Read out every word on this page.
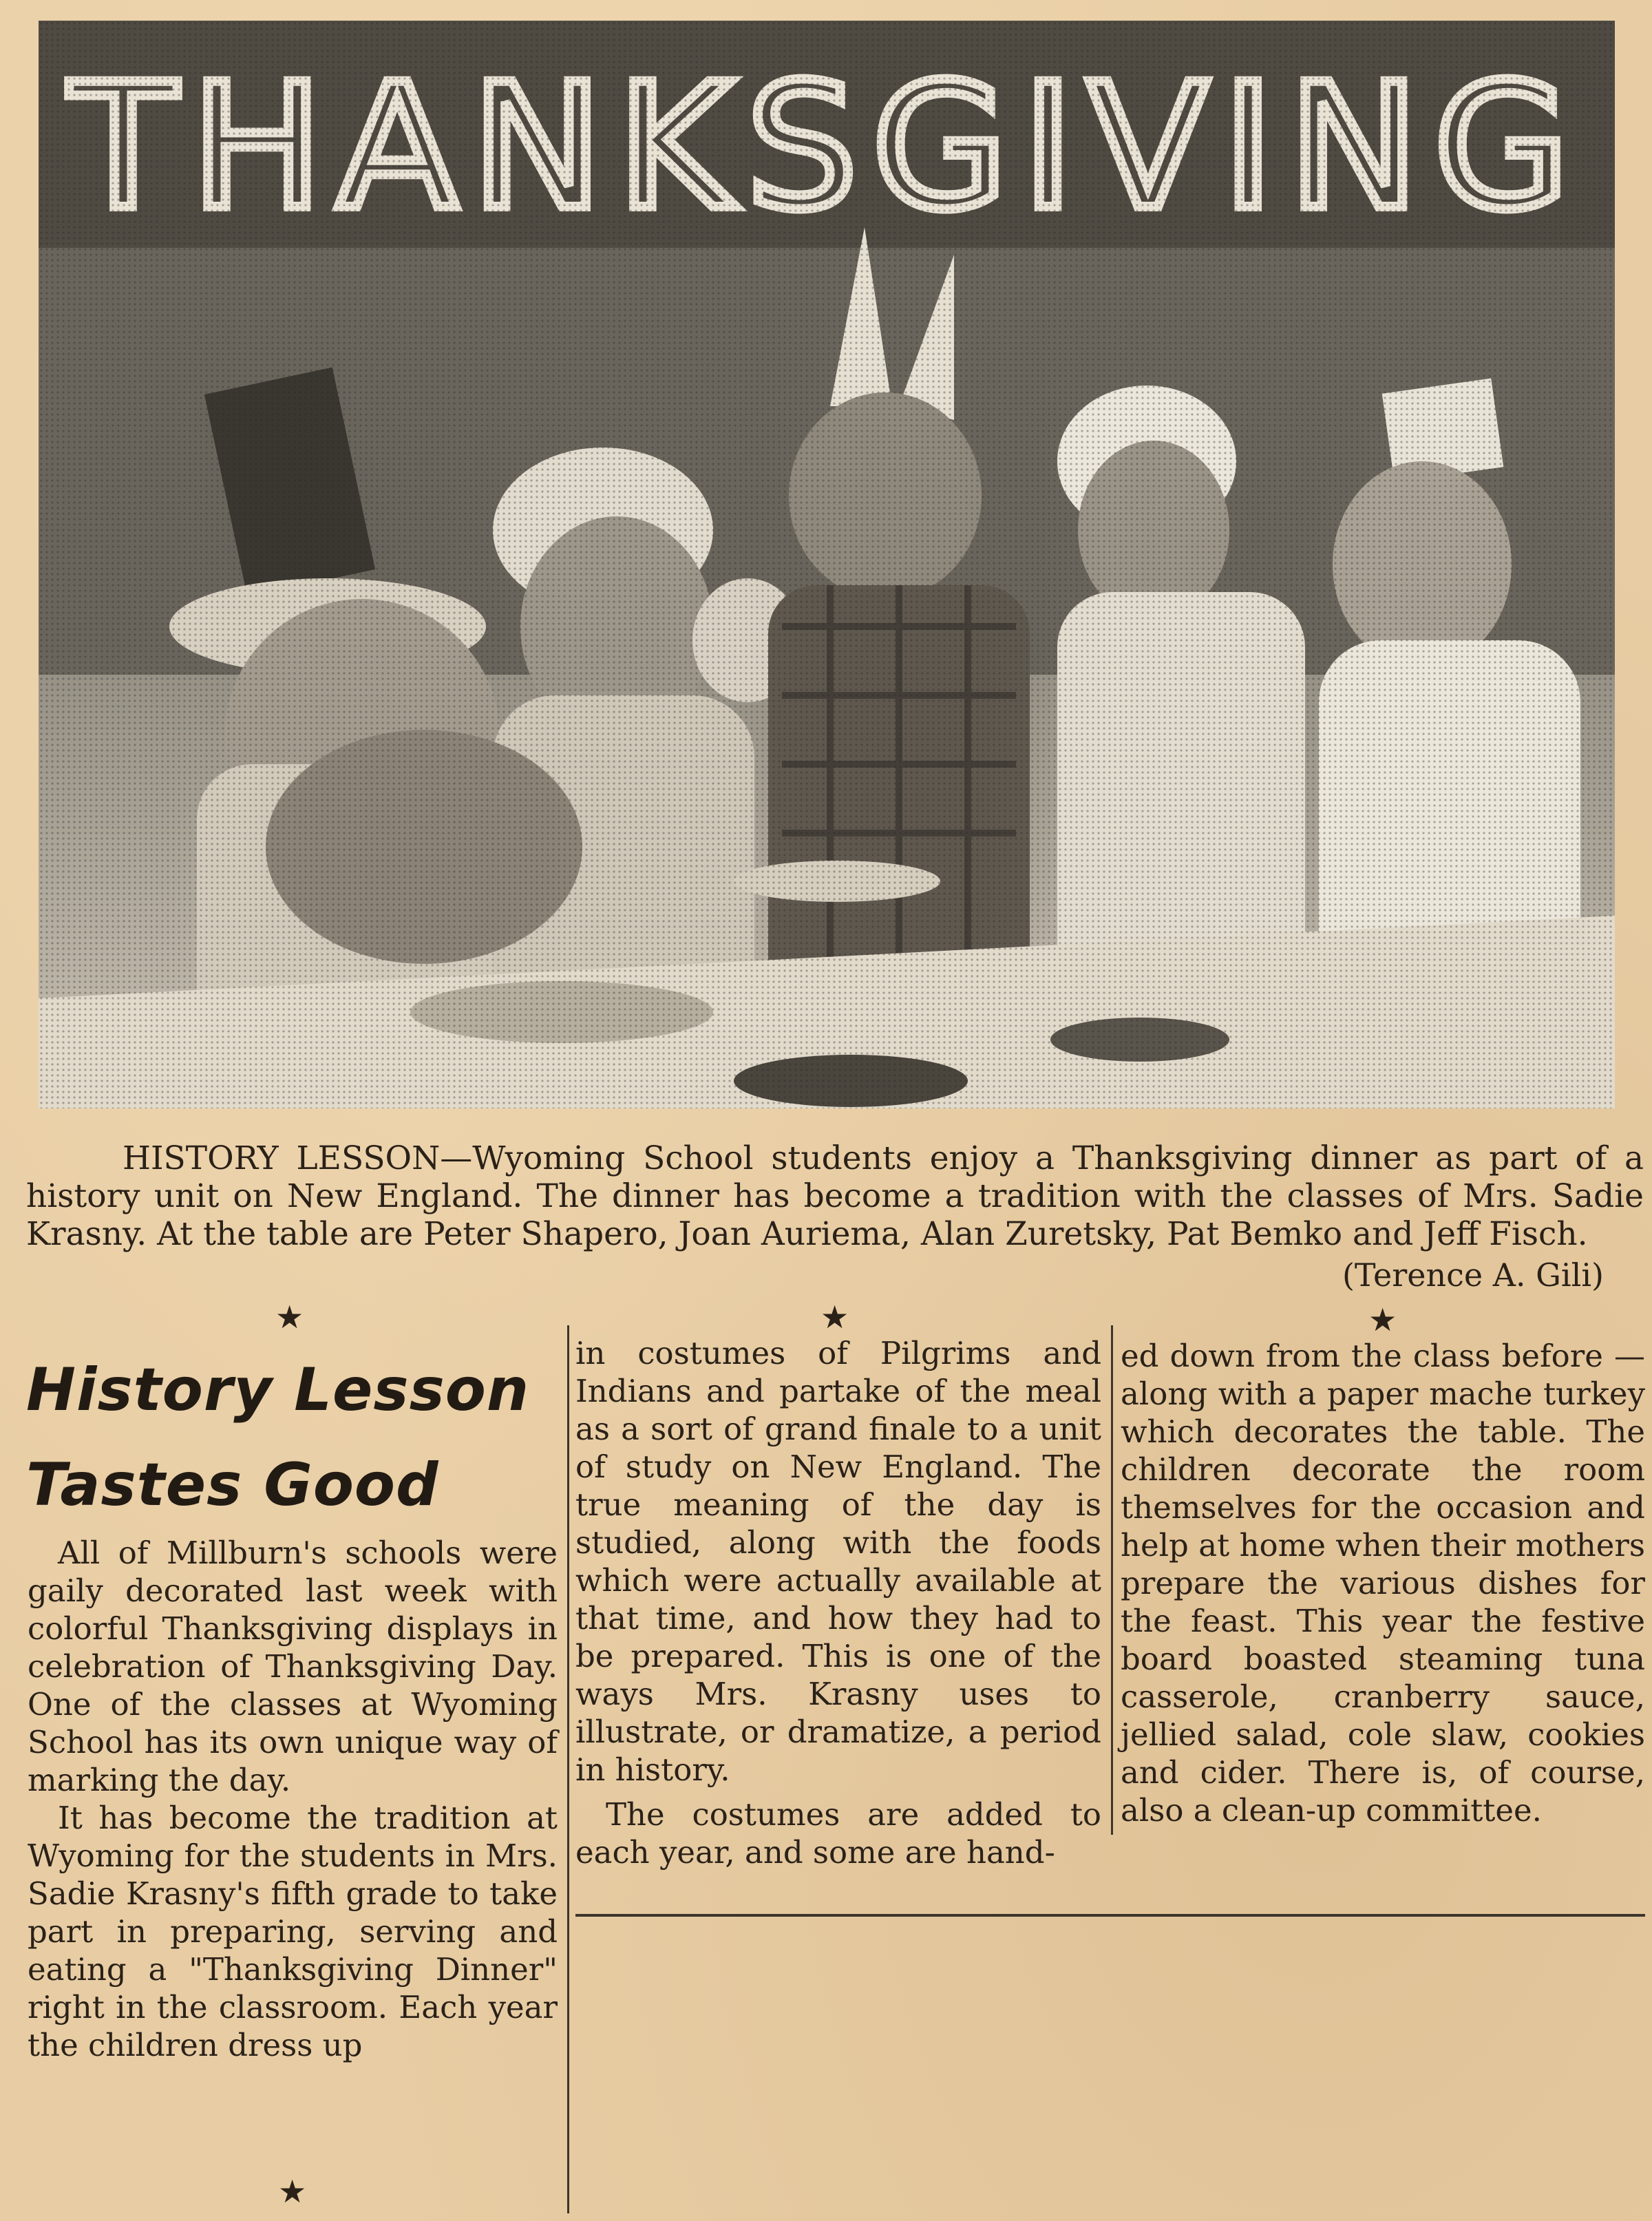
HISTORY LESSON—Wyoming School students enjoy a Thanksgiving dinner as part of a history unit on New England. The dinner has become a tradition with the classes of Mrs. Sadie Krasny. At the table are Peter Shapero, Joan Auriema, Alan Zuretsky, Pat Bemko and Jeff Fisch.
(Terence A. Gili)
★	★	★
★
History Lesson
Tastes Good

All of Millburn's schools were gaily decorated last week with colorful Thanksgiving displays in celebration of Thanksgiving Day. One of the classes at Wyoming School has its own unique way of marking the day.

It has become the tradition at Wyoming for the students in Mrs. Sadie Krasny's fifth grade to take part in preparing, serving and eating a "Thanksgiving Dinner" right in the classroom. Each year the children dress up

in costumes of Pilgrims and Indians and partake of the meal as a sort of grand finale to a unit of study on New England. The true meaning of the day is studied, along with the foods which were actually available at that time, and how they had to be prepared. This is one of the ways Mrs. Krasny uses to illustrate, or dramatize, a period in history.

The costumes are added to each year, and some are hand-

ed down from the class before —along with a paper mache turkey which decorates the table. The children decorate the room themselves for the occasion and help at home when their mothers prepare the various dishes for the feast. This year the festive board boasted steaming tuna casserole, cranberry sauce, jellied salad, cole slaw, cookies and cider. There is, of course, also a clean-up committee.
